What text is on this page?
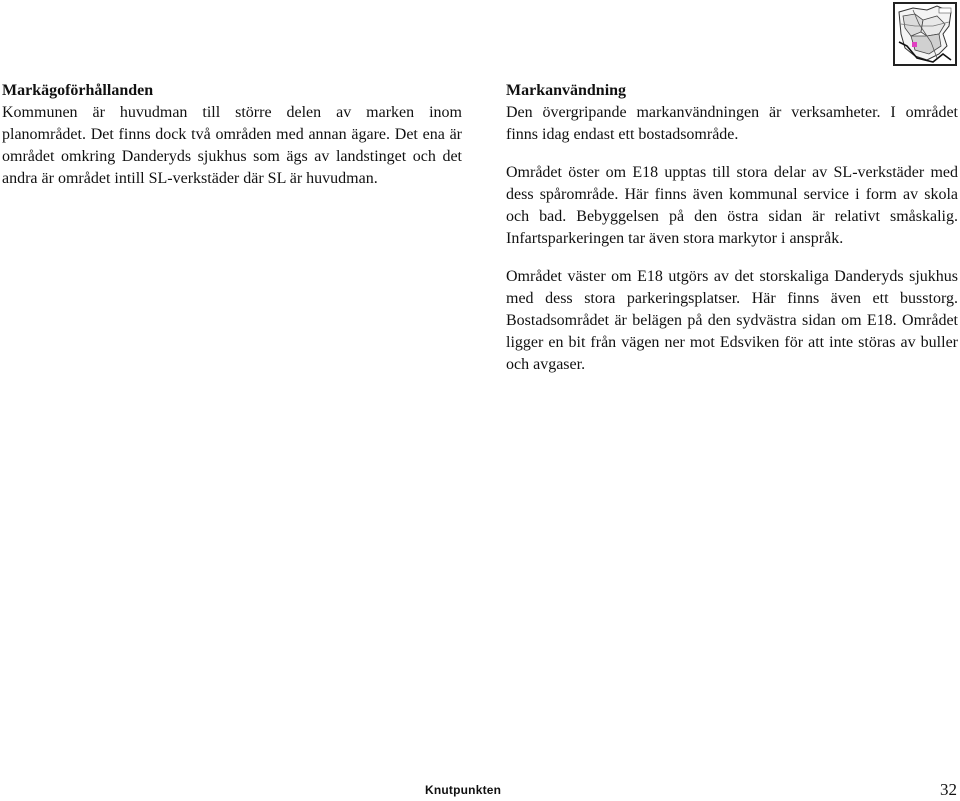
Markägoförhållanden

Kommunen är huvudman till större delen av marken inom planområdet. Det finns dock två områden med annan ägare. Det ena är området omkring Danderyds sjukhus som ägs av landstinget och det andra är området intill SL-verkstäder där SL är huvudman.

Markanvändning

Den övergripande markanvändningen är verksamheter. I området finns idag endast ett bostadsområde.

Området öster om E18 upptas till stora delar av SL-verkstäder med dess spårområde. Här finns även kommunal service i form av skola och bad. Bebyggelsen på den östra sidan är relativt småskalig. Infartsparkeringen tar även stora markytor i anspråk.

Området väster om E18 utgörs av det storskaliga Danderyds sjukhus med dess stora parkeringsplatser. Här finns även ett busstorg. Bostadsområdet är belägen på den sydvästra sidan om E18. Området ligger en bit från vägen ner mot Edsviken för att inte störas av buller och avgaser.

Knutpunkten	32
